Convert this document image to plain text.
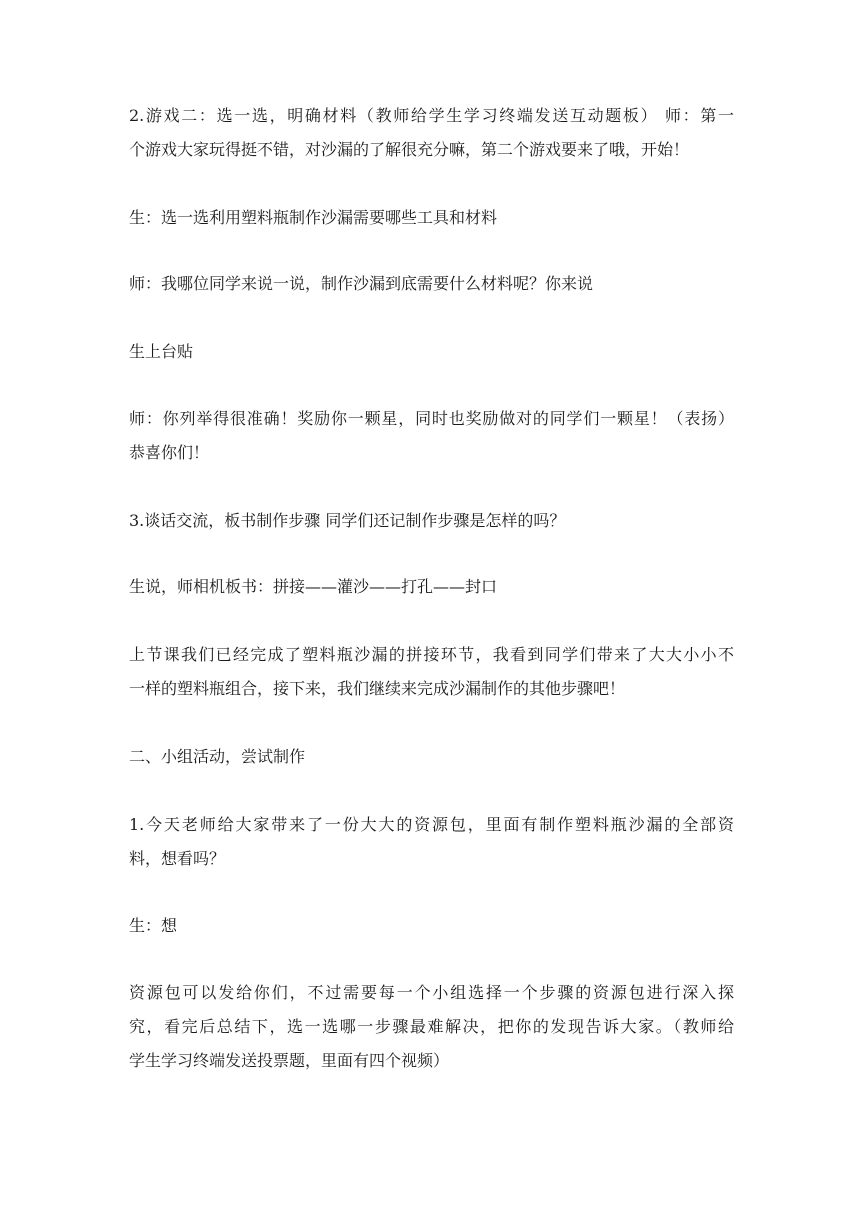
2.游戏二：选一选，明确材料（教师给学生学习终端发送互动题板） 师：第一
个游戏大家玩得挺不错，对沙漏的了解很充分嘛，第二个游戏要来了哦，开始！
生：选一选利用塑料瓶制作沙漏需要哪些工具和材料
师：我哪位同学来说一说，制作沙漏到底需要什么材料呢？你来说
生上台贴
师：你列举得很准确！奖励你一颗星，同时也奖励做对的同学们一颗星！（表扬）
恭喜你们！
3.谈话交流，板书制作步骤 同学们还记制作步骤是怎样的吗？
生说，师相机板书：拼接——灌沙——打孔——封口
上节课我们已经完成了塑料瓶沙漏的拼接环节，我看到同学们带来了大大小小不
一样的塑料瓶组合，接下来，我们继续来完成沙漏制作的其他步骤吧！
二、小组活动，尝试制作
1.今天老师给大家带来了一份大大的资源包，里面有制作塑料瓶沙漏的全部资
料，想看吗？
生：想
资源包可以发给你们，不过需要每一个小组选择一个步骤的资源包进行深入探
究，看完后总结下，选一选哪一步骤最难解决，把你的发现告诉大家。（教师给
学生学习终端发送投票题，里面有四个视频）
